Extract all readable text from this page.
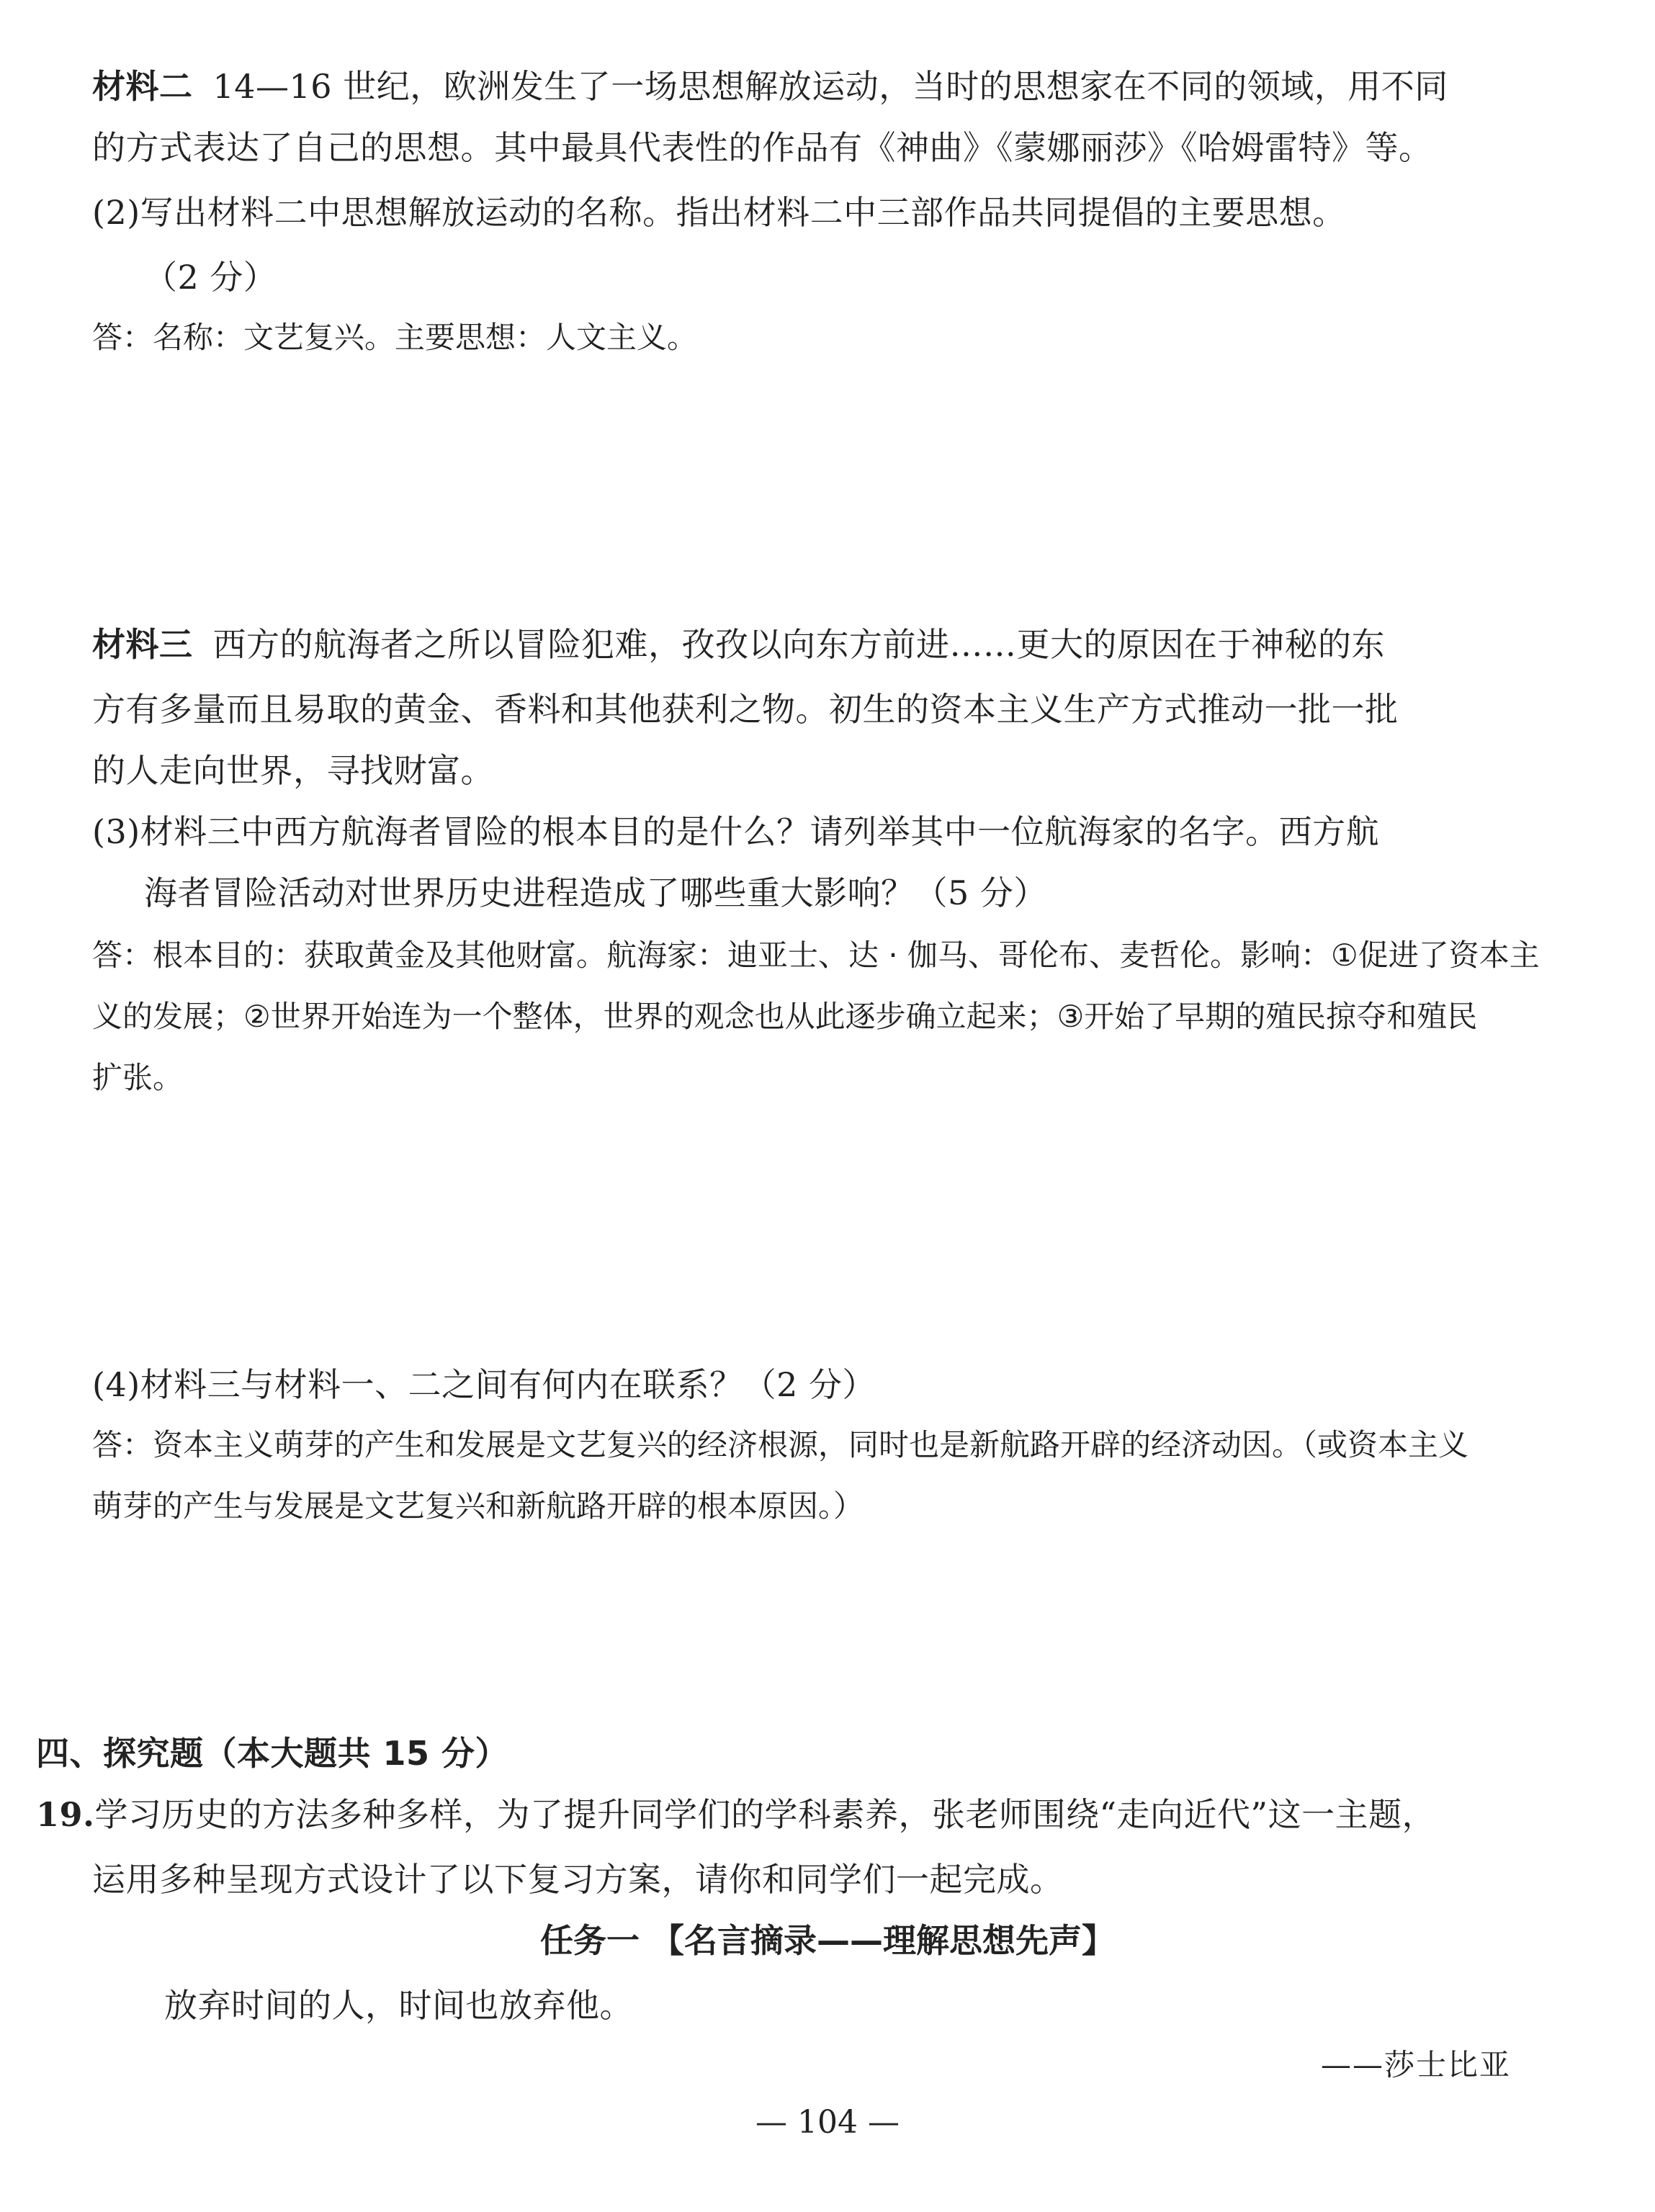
材料二 14—16 世纪，欧洲发生了一场思想解放运动，当时的思想家在不同的领域，用不同
的方式表达了自己的思想。其中最具代表性的作品有《神曲》《蒙娜丽莎》《哈姆雷特》等。
(2)写出材料二中思想解放运动的名称。指出材料二中三部作品共同提倡的主要思想。
（2 分）
答：名称：文艺复兴。主要思想：人文主义。
材料三 西方的航海者之所以冒险犯难，孜孜以向东方前进……更大的原因在于神秘的东
方有多量而且易取的黄金、香料和其他获利之物。初生的资本主义生产方式推动一批一批
的人走向世界，寻找财富。
(3)材料三中西方航海者冒险的根本目的是什么？请列举其中一位航海家的名字。西方航
海者冒险活动对世界历史进程造成了哪些重大影响？（5 分）
答：根本目的：获取黄金及其他财富。航海家：迪亚士、达 · 伽马、哥伦布、麦哲伦。影响：①促进了资本主
义的发展；②世界开始连为一个整体，世界的观念也从此逐步确立起来；③开始了早期的殖民掠夺和殖民
扩张。
(4)材料三与材料一、二之间有何内在联系？（2 分）
答：资本主义萌芽的产生和发展是文艺复兴的经济根源，同时也是新航路开辟的经济动因。（或资本主义
萌芽的产生与发展是文艺复兴和新航路开辟的根本原因。）
四、探究题（本大题共 15 分）
19.学习历史的方法多种多样，为了提升同学们的学科素养，张老师围绕“走向近代”这一主题，
运用多种呈现方式设计了以下复习方案，请你和同学们一起完成。
任务一 【名言摘录——理解思想先声】
放弃时间的人，时间也放弃他。
——莎士比亚
— 104 —
